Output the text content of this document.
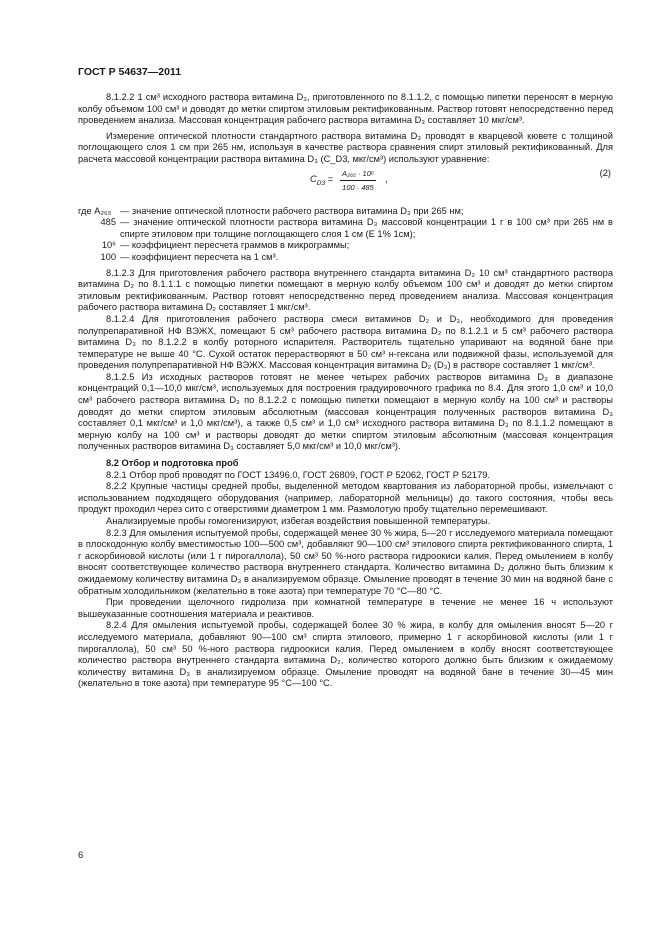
ГОСТ Р 54637—2011

8.1.2.2 1 см³ исходного раствора витамина D₃, приготовленного по 8.1.1.2, с помощью пипетки переносят в мерную колбу объемом 100 см³ и доводят до метки спиртом этиловым ректификованным. Раствор готовят непосредственно перед проведением анализа. Массовая концентрация рабочего раствора витамина D₃ составляет 10 мкг/см³.

Измерение оптической плотности стандартного раствора витамина D₃ проводят в кварцевой кювете с толщиной поглощающего слоя 1 см при 265 нм, используя в качестве раствора сравнения спирт этиловый ректификованный. Для расчета массовой концентрации раствора витамина D₃ (C_D3, мкг/см³) используют уравнение:

$C_{D3} = \frac{\text{A₂₆₅ · 10⁶}}{100 \cdot 485}$ ,
(2)
где A₂₆₅ — значение оптической плотности рабочего раствора витамина D₃ при 265 нм;
485 — значение оптической плотности раствора витамина D₃ массовой концентрации 1 г в 100 см³ при 265 нм в спирте этиловом при толщине поглощающего слоя 1 см (E 1% 1см);
10⁶ — коэффициент пересчета граммов в микрограммы;
100 — коэффициент пересчета на 1 см³.

8.1.2.3 Для приготовления рабочего раствора внутреннего стандарта витамина D₂ 10 см³ стандартного раствора витамина D₂ по 8.1.1.1 с помощью пипетки помещают в мерную колбу объемом 100 см³ и доводят до метки спиртом этиловым ректификованным. Раствор готовят непосредственно перед проведением анализа. Массовая концентрация рабочего раствора витамина D₂ составляет 1 мкг/см³.

8.1.2.4 Для приготовления рабочего раствора смеси витаминов D₂ и D₃, необходимого для проведения полупрепаративной НФ ВЭЖХ, помещают 5 см³ рабочего раствора витамина D₂ по 8.1.2.1 и 5 см³ рабочего раствора витамина D₃ по 8.1.2.2 в колбу роторного испарителя. Растворитель тщательно упаривают на водяной бане при температуре не выше 40 °С. Сухой остаток перерастворяют в 50 см³ н-гексана или подвижной фазы, используемой для проведения полупрепаративной НФ ВЭЖХ. Массовая концентрация витамина D₂ (D₃) в растворе составляет 1 мкг/см³.

8.1.2.5 Из исходных растворов готовят не менее четырех рабочих растворов витамина D₃ в диапазоне концентраций 0,1—10,0 мкг/см³, используемых для построения градуировочного графика по 8.4. Для этого 1,0 см³ и 10,0 см³ рабочего раствора витамина D₃ по 8.1.2.2 с помощью пипетки помещают в мерную колбу на 100 см³ и растворы доводят до метки спиртом этиловым абсолютным (массовая концентрация полученных растворов витамина D₃ составляет 0,1 мкг/см³ и 1,0 мкг/см³), а также 0,5 см³ и 1,0 см³ исходного раствора витамина D₃ по 8.1.1.2 помещают в мерную колбу на 100 см³ и растворы доводят до метки спиртом этиловым абсолютным (массовая концентрация полученных растворов витамина D₃ составляет 5,0 мкг/см³ и 10,0 мкг/см³).

8.2 Отбор и подготовка проб

8.2.1 Отбор проб проводят по ГОСТ 13496.0, ГОСТ 26809, ГОСТ Р 52062, ГОСТ Р 52179.

8.2.2 Крупные частицы средней пробы, выделенной методом квартования из лабораторной пробы, измельчают с использованием подходящего оборудования (например, лабораторной мельницы) до такого состояния, чтобы весь продукт проходил через сито с отверстиями диаметром 1 мм. Размолотую пробу тщательно перемешивают.

Анализируемые пробы гомогенизируют, избегая воздействия повышенной температуры.

8.2.3 Для омыления испытуемой пробы, содержащей менее 30 % жира, 5—20 г исследуемого материала помещают в плоскодонную колбу вместимостью 100—500 см³, добавляют 90—100 см³ этилового спирта ректификованного спирта, 1 г аскорбиновой кислоты (или 1 г пирогаллола), 50 см³ 50 %-ного раствора гидроокиси калия. Перед омылением в колбу вносят соответствующее количество раствора внутреннего стандарта. Количество витамина D₂ должно быть близким к ожидаемому количеству витамина D₃ в анализируемом образце. Омыление проводят в течение 30 мин на водяной бане с обратным холодильником (желательно в токе азота) при температуре 70 °С—80 °С.

При проведении щелочного гидролиза при комнатной температуре в течение не менее 16 ч используют вышеуказанные соотношения материала и реактивов.

8.2.4 Для омыления испытуемой пробы, содержащей более 30 % жира, в колбу для омыления вносят 5—20 г исследуемого материала, добавляют 90—100 см³ спирта этилового, примерно 1 г аскорбиновой кислоты (или 1 г пирогаллола), 50 см³ 50 %-ного раствора гидроокиси калия. Перед омылением в колбу вносят соответствующее количество раствора внутреннего стандарта витамина D₂, количество которого должно быть близким к ожидаемому количеству витамина D₃ в анализируемом образце. Омыление проводят на водяной бане в течение 30—45 мин (желательно в токе азота) при температуре 95 °С—100 °С.

6
